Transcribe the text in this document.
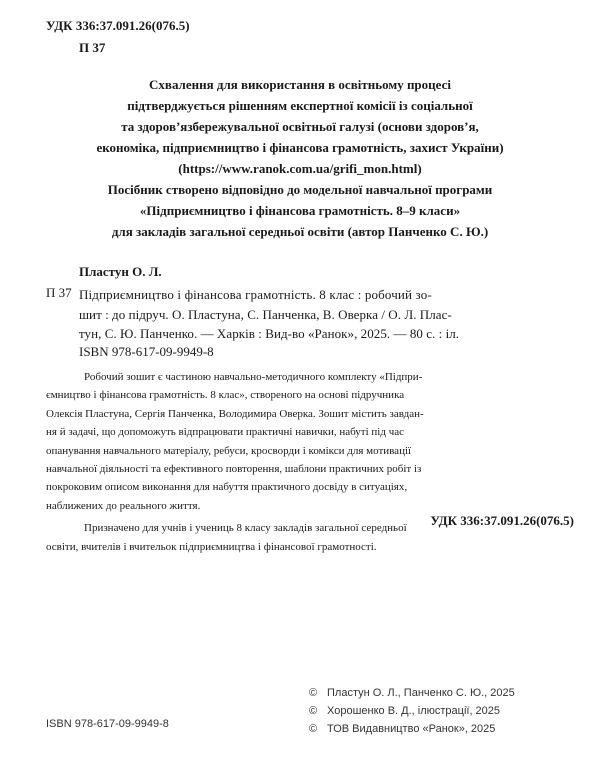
УДК 336:37.091.26(076.5)
П 37
Схвалення для використання в освітньому процесі
підтверджується рішенням експертної комісії із соціальної
та здоров’язбережувальної освітньої галузі (основи здоров’я,
економіка, підприємництво і фінансова грамотність, захист України)
(https://www.ranok.com.ua/grifi_mon.html)
Посібник створено відповідно до модельної навчальної програми
«Підприємництво і фінансова грамотність. 8–9 класи»
для закладів загальної середньої освіти (автор Панченко С. Ю.)
Пластун О. Л.
П 37 Підприємництво і фінансова грамотність. 8 клас : робочий зо-
шит : до підруч. О. Пластуна, С. Панченка, В. Оверка / О. Л. Плас-
тун, С. Ю. Панченко. — Харків : Вид-во «Ранок», 2025. — 80 с. : іл.
ISBN 978-617-09-9949-8
Робочий зошит є частиною навчально-методичного комплекту «Підпри-
ємництво і фінансова грамотність. 8 клас», створеного на основі підручника
Олексія Пластуна, Сергія Панченка, Володимира Оверка. Зошит містить завдан-
ня й задачі, що допоможуть відпрацювати практичні навички, набуті під час
опанування навчального матеріалу, ребуси, кросворди і комікси для мотивації
навчальної діяльності та ефективного повторення, шаблони практичних робіт із
покроковим описом виконання для набуття практичного досвіду в ситуаціях,
наближених до реального життя.
Призначено для учнів і учениць 8 класу закладів загальної середньої
освіти, вчителів і вчительок підприємництва і фінансової грамотності.
УДК 336:37.091.26(076.5)
ISBN 978-617-09-9949-8
© Пластун О. Л., Панченко С. Ю., 2025
© Хорошенко В. Д., ілюстрації, 2025
© ТОВ Видавництво «Ранок», 2025
